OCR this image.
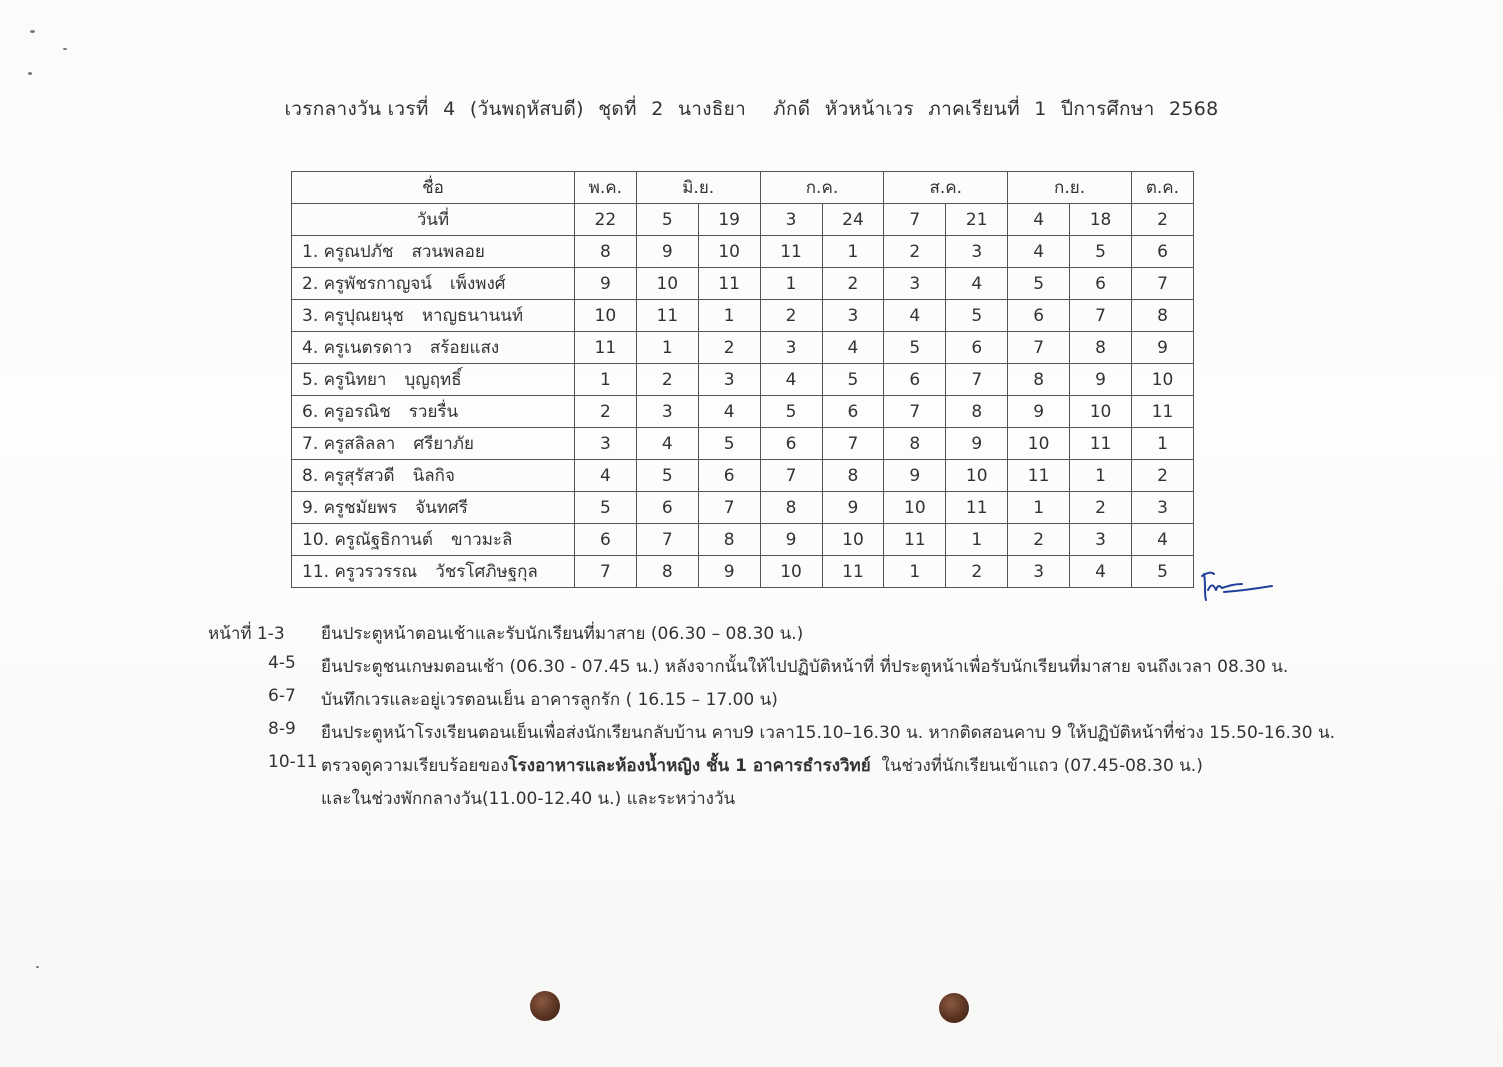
เวรกลางวัน เวรที่ 4 (วันพฤหัสบดี) ชุดที่ 2 นางธิยา ภักดี หัวหน้าเวร ภาคเรียนที่ 1 ปีการศึกษา 2568
ชื่อ	พ.ค.	มิ.ย.		ก.ค.		ส.ค.		ก.ย.		ต.ค.
วันที่	22	5	19	3	24	7	21	4	18	2
1. ครูณปภัช สวนพลอย	8	9	10	11	1	2	3	4	5	6
2. ครูพัชรกาญจน์ เพ็งพงศ์	9	10	11	1	2	3	4	5	6	7
3. ครูปุณยนุช หาญธนานนท์	10	11	1	2	3	4	5	6	7	8
4. ครูเนตรดาว สร้อยแสง	11	1	2	3	4	5	6	7	8	9
5. ครูนิทยา บุญฤทธิ์	1	2	3	4	5	6	7	8	9	10
6. ครูอรณิช รวยรื่น	2	3	4	5	6	7	8	9	10	11
7. ครูสลิลลา ศรียาภัย	3	4	5	6	7	8	9	10	11	1
8. ครูสุรัสวดี นิลกิจ	4	5	6	7	8	9	10	11	1	2
9. ครูชมัยพร จันทศรี	5	6	7	8	9	10	11	1	2	3
10. ครูณัฐธิกานต์ ขาวมะลิ	6	7	8	9	10	11	1	2	3	4
11. ครูวรวรรณ วัชรโศภิษฐกุล	7	8	9	10	11	1	2	3	4	5
หน้าที่ 1-3	ยืนประตูหน้าตอนเช้าและรับนักเรียนที่มาสาย (06.30 – 08.30 น.)
4-5	ยืนประตูชนเกษมตอนเช้า (06.30 - 07.45 น.) หลังจากนั้นให้ไปปฏิบัติหน้าที่ ที่ประตูหน้าเพื่อรับนักเรียนที่มาสาย จนถึงเวลา 08.30 น.
6-7	บันทึกเวรและอยู่เวรตอนเย็น อาคารลูกรัก ( 16.15 – 17.00 น)
8-9	ยืนประตูหน้าโรงเรียนตอนเย็นเพื่อส่งนักเรียนกลับบ้าน คาบ9 เวลา15.10–16.30 น. หากติดสอนคาบ 9 ให้ปฏิบัติหน้าที่ช่วง 15.50-16.30 น.
10-11 ตรวจดูความเรียบร้อยของโรงอาหารและห้องน้ำหญิง ชั้น 1 อาคารธำรงวิทย์ ในช่วงที่นักเรียนเข้าแถว (07.45-08.30 น.)
และในช่วงพักกลางวัน(11.00-12.40 น.) และระหว่างวัน
